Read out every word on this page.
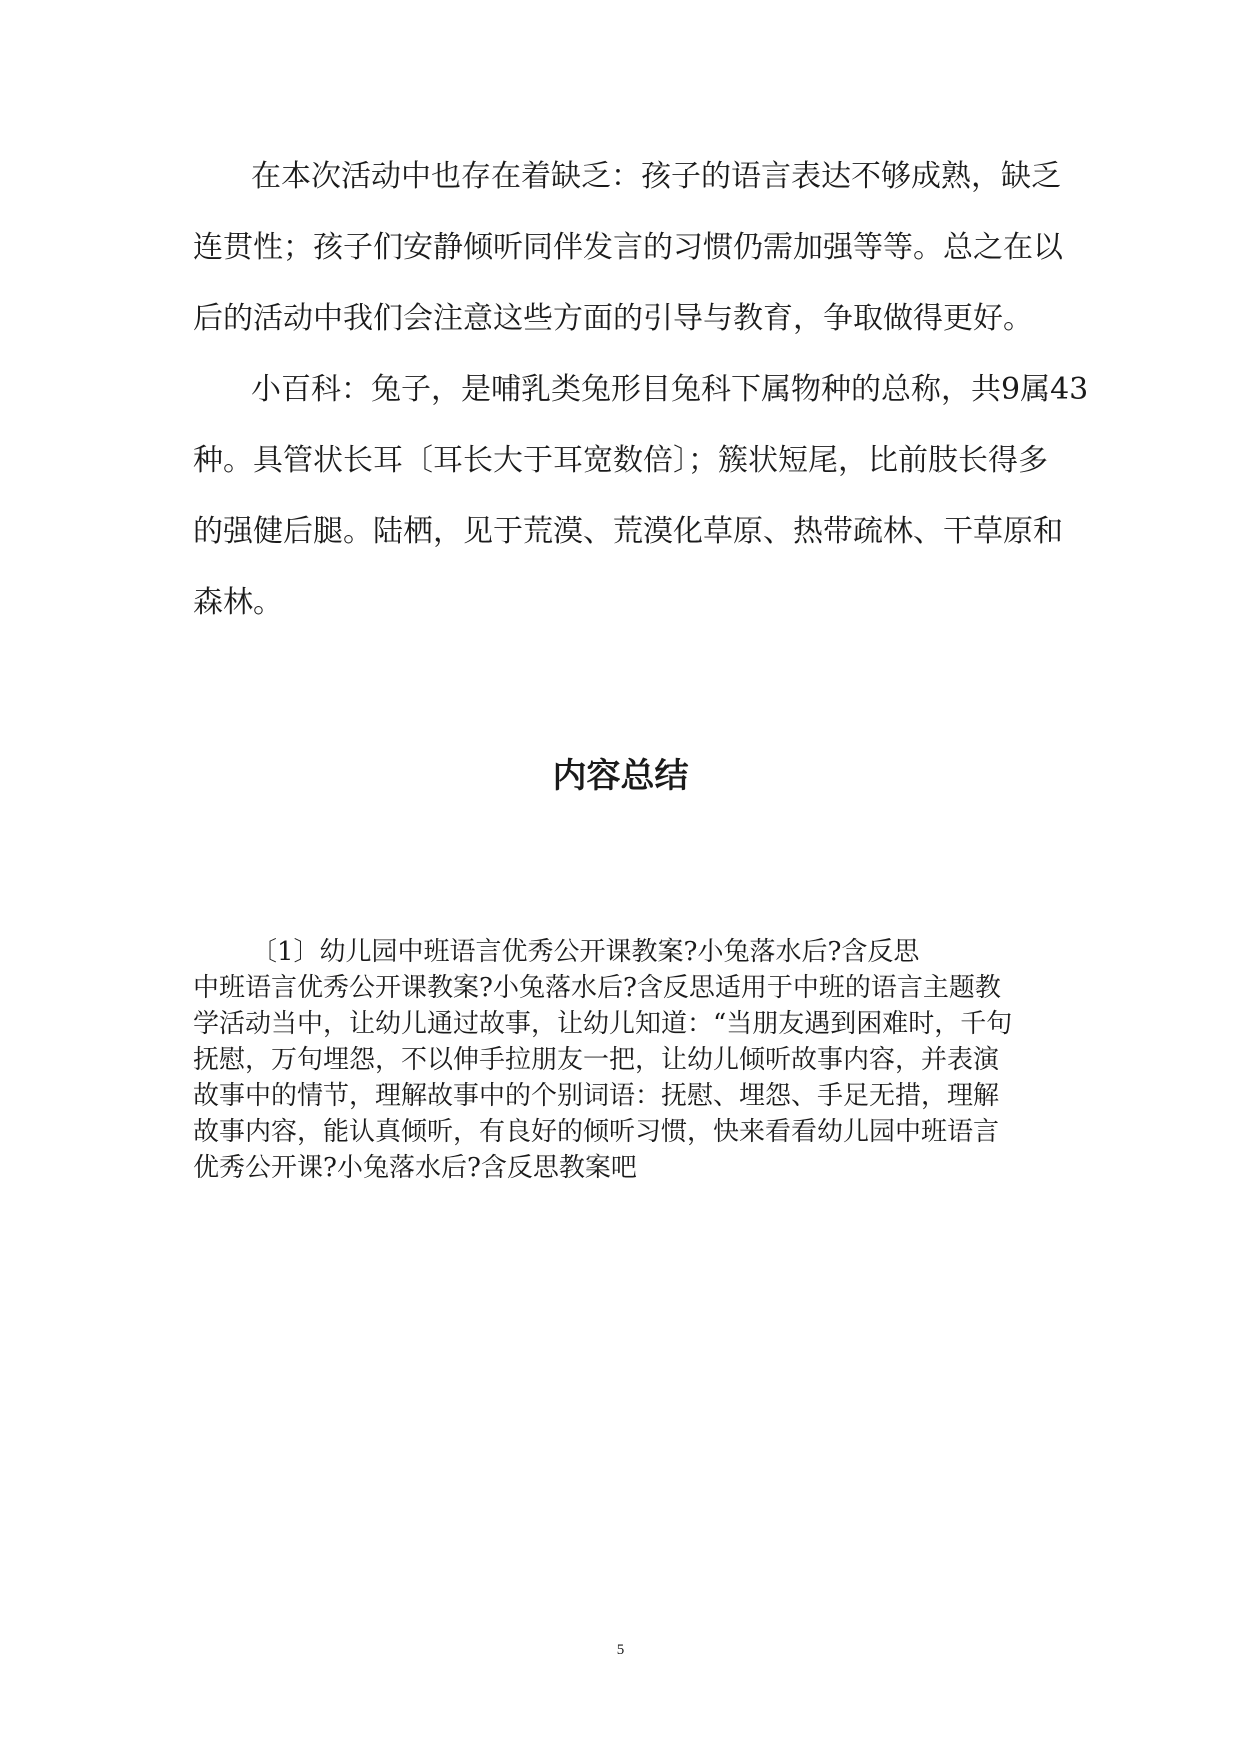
在本次活动中也存在着缺乏：孩子的语言表达不够成熟，缺乏
连贯性；孩子们安静倾听同伴发言的习惯仍需加强等等。总之在以
后的活动中我们会注意这些方面的引导与教育，争取做得更好。

小百科：兔子，是哺乳类兔形目兔科下属物种的总称，共9属43
种。具管状长耳〔耳长大于耳宽数倍〕；簇状短尾，比前肢长得多
的强健后腿。陆栖，见于荒漠、荒漠化草原、热带疏林、干草原和
森林。

内容总结

〔1〕幼儿园中班语言优秀公开课教案?小兔落水后?含反思
中班语言优秀公开课教案?小兔落水后?含反思适用于中班的语言主题教
学活动当中，让幼儿通过故事，让幼儿知道：“当朋友遇到困难时，千句
抚慰，万句埋怨，不以伸手拉朋友一把，让幼儿倾听故事内容，并表演
故事中的情节，理解故事中的个别词语：抚慰、埋怨、手足无措，理解
故事内容，能认真倾听，有良好的倾听习惯，快来看看幼儿园中班语言
优秀公开课?小兔落水后?含反思教案吧

5
